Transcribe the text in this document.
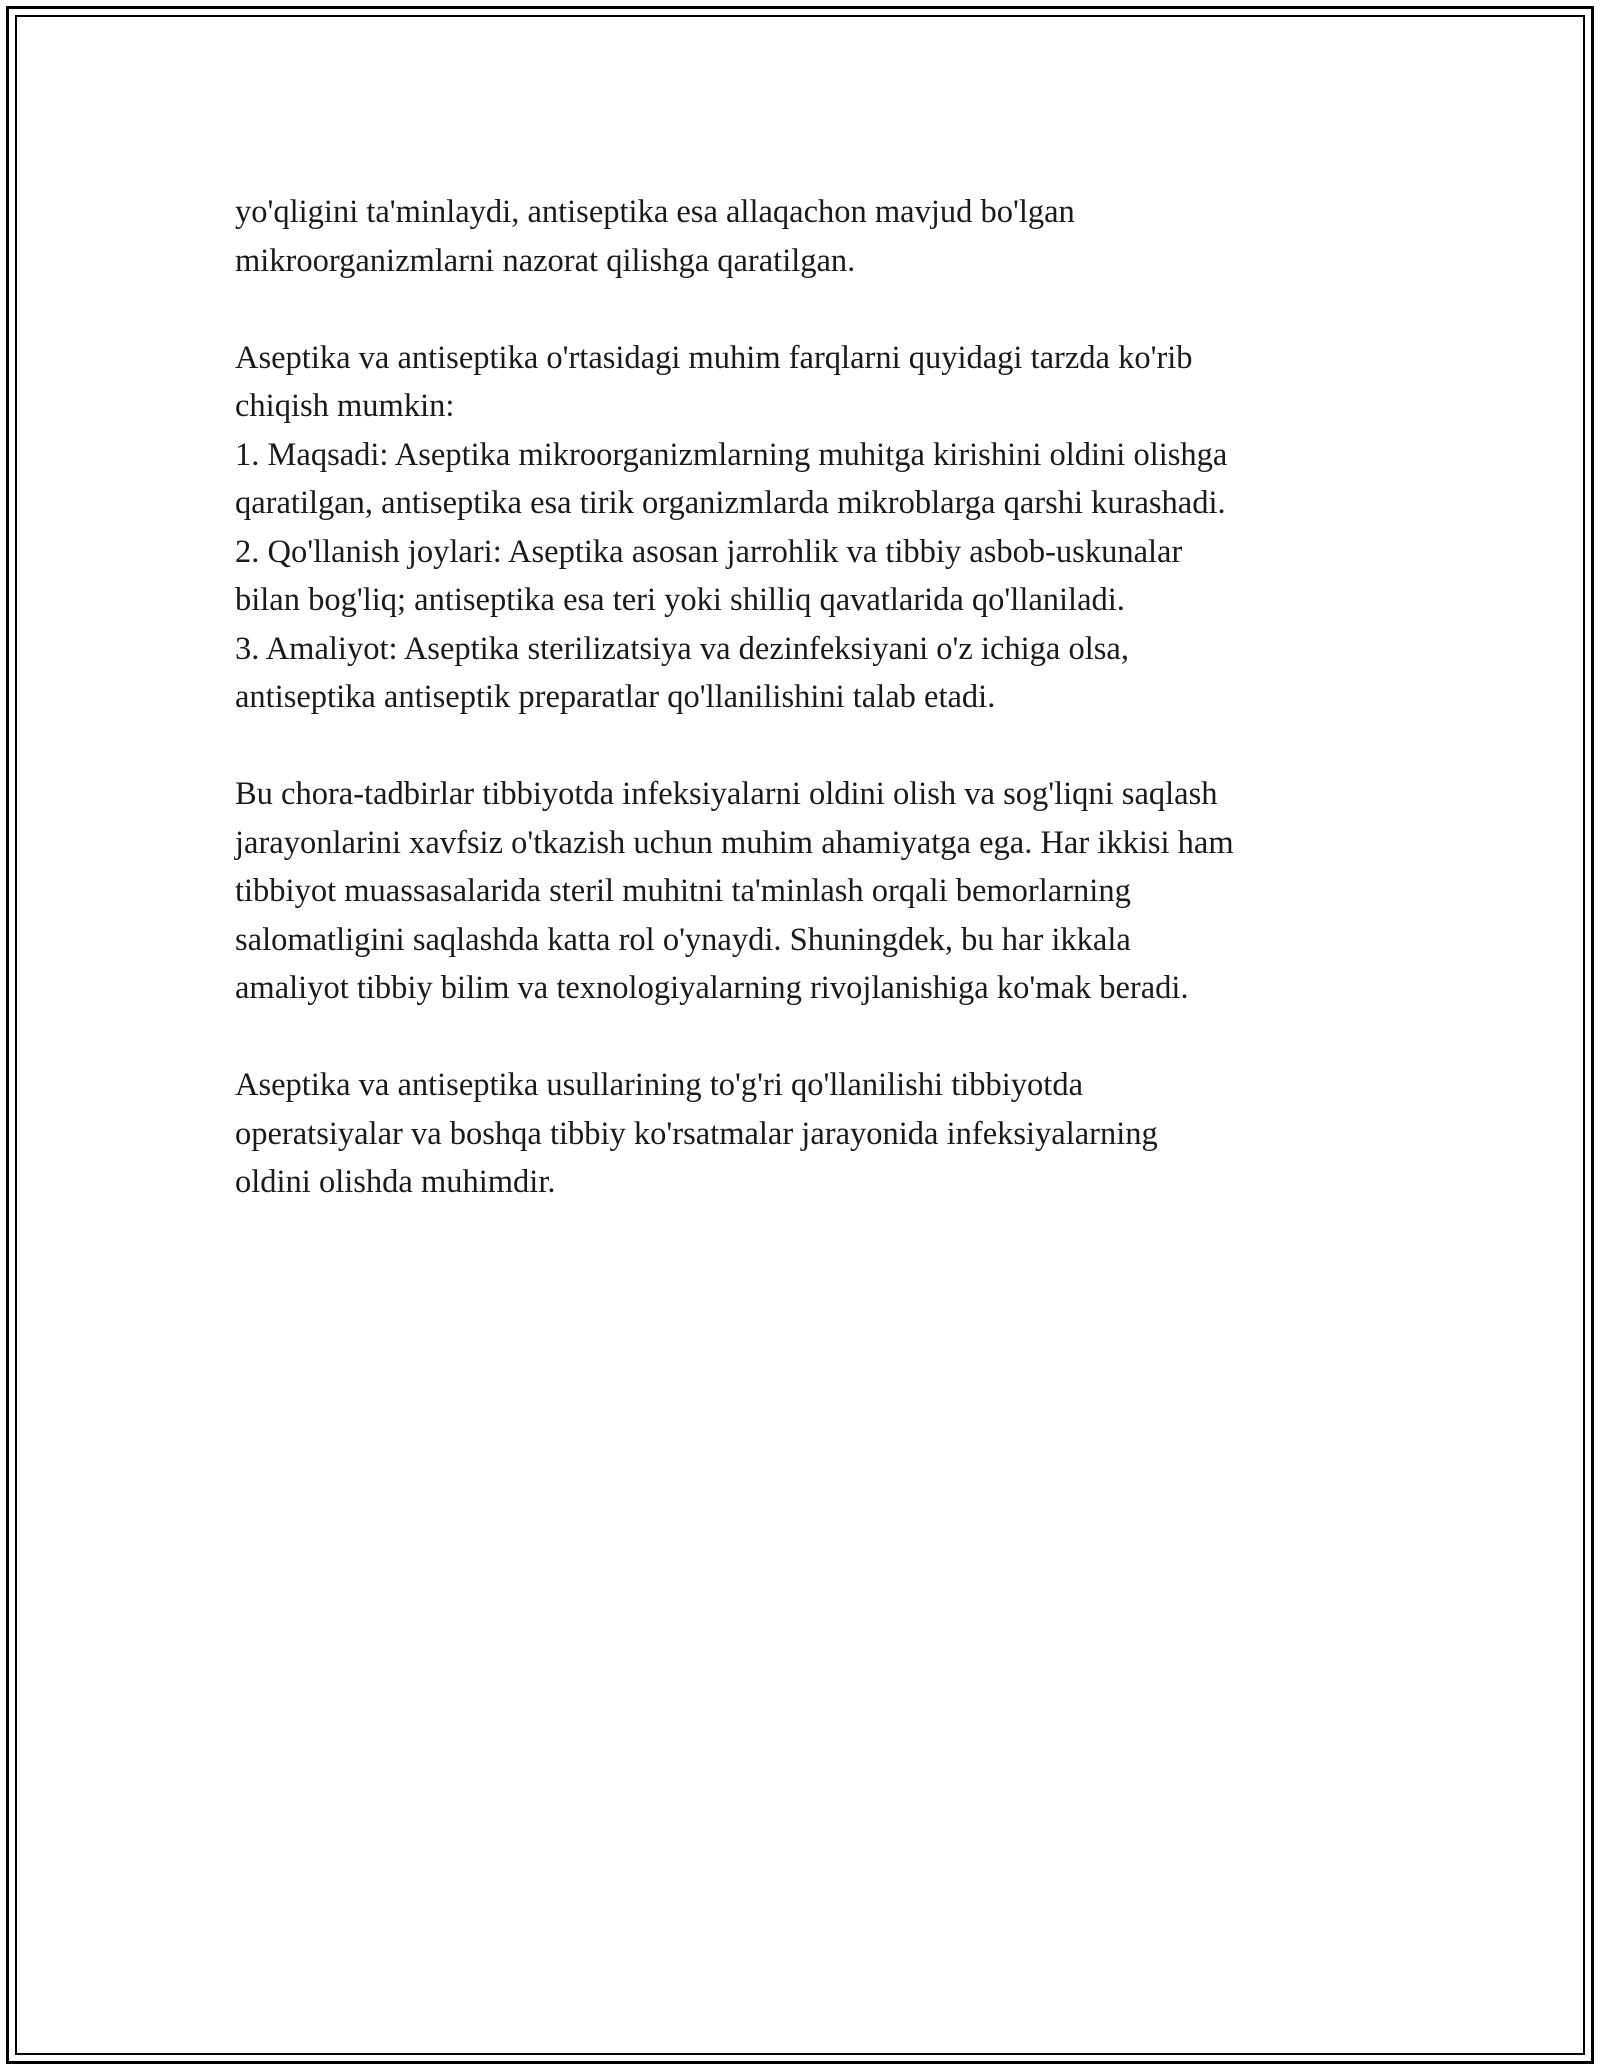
yo'qligini ta'minlaydi, antiseptika esa allaqachon mavjud bo'lgan
mikroorganizmlarni nazorat qilishga qaratilgan.

Aseptika va antiseptika o'rtasidagi muhim farqlarni quyidagi tarzda ko'rib
chiqish mumkin:
1. Maqsadi: Aseptika mikroorganizmlarning muhitga kirishini oldini olishga
qaratilgan, antiseptika esa tirik organizmlarda mikroblarga qarshi kurashadi.
2. Qo'llanish joylari: Aseptika asosan jarrohlik va tibbiy asbob-uskunalar
bilan bog'liq; antiseptika esa teri yoki shilliq qavatlarida qo'llaniladi.
3. Amaliyot: Aseptika sterilizatsiya va dezinfeksiyani o'z ichiga olsa,
antiseptika antiseptik preparatlar qo'llanilishini talab etadi.

Bu chora-tadbirlar tibbiyotda infeksiyalarni oldini olish va sog'liqni saqlash
jarayonlarini xavfsiz o'tkazish uchun muhim ahamiyatga ega. Har ikkisi ham
tibbiyot muassasalarida steril muhitni ta'minlash orqali bemorlarning
salomatligini saqlashda katta rol o'ynaydi. Shuningdek, bu har ikkala
amaliyot tibbiy bilim va texnologiyalarning rivojlanishiga ko'mak beradi.

Aseptika va antiseptika usullarining to'g'ri qo'llanilishi tibbiyotda
operatsiyalar va boshqa tibbiy ko'rsatmalar jarayonida infeksiyalarning
oldini olishda muhimdir.
